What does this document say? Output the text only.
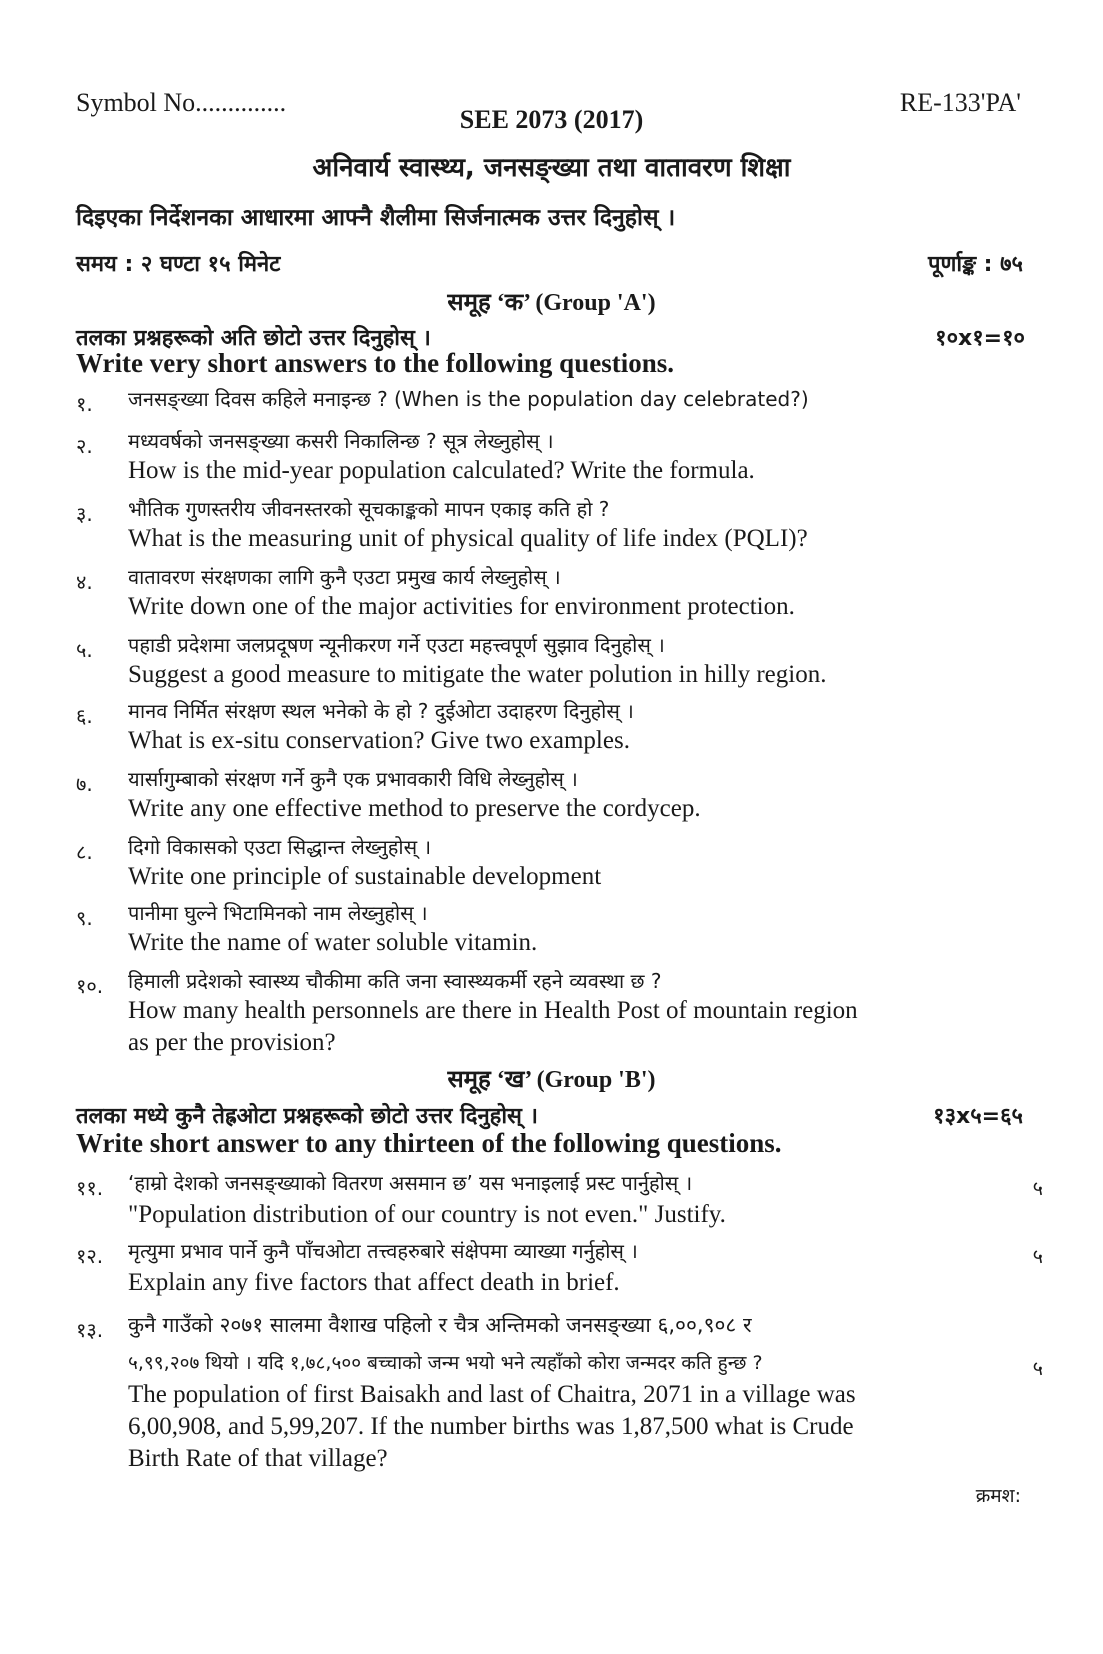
Symbol No..............
SEE 2073 (2017)
RE-133'PA'
अनिवार्य स्वास्थ्य, जनसङ्ख्या तथा वातावरण शिक्षा
दिइएका निर्देशनका आधारमा आफ्नै शैलीमा सिर्जनात्मक उत्तर दिनुहोस् ।
समय : २ घण्टा १५ मिनेट	पूर्णाङ्क : ७५
समूह ‘क’ (Group 'A')
तलका प्रश्नहरूको अति छोटो उत्तर दिनुहोस् ।	१०x१=१०
Write very short answers to the following questions.
१. जनसङ्ख्या दिवस कहिले मनाइन्छ ? (When is the population day celebrated?)
२. मध्यवर्षको जनसङ्ख्या कसरी निकालिन्छ ? सूत्र लेख्नुहोस् ।
How is the mid-year population calculated? Write the formula.
३. भौतिक गुणस्तरीय जीवनस्तरको सूचकाङ्कको मापन एकाइ कति हो ?
What is the measuring unit of physical quality of life index (PQLI)?
४. वातावरण संरक्षणका लागि कुनै एउटा प्रमुख कार्य लेख्नुहोस् ।
Write down one of the major activities for environment protection.
५. पहाडी प्रदेशमा जलप्रदूषण न्यूनीकरण गर्ने एउटा महत्त्वपूर्ण सुझाव दिनुहोस् ।
Suggest a good measure to mitigate the water polution in hilly region.
६. मानव निर्मित संरक्षण स्थल भनेको के हो ? दुईओटा उदाहरण दिनुहोस् ।
What is ex-situ conservation? Give two examples.
७. यार्सागुम्बाको संरक्षण गर्ने कुनै एक प्रभावकारी विधि लेख्नुहोस् ।
Write any one effective method to preserve the cordycep.
८. दिगो विकासको एउटा सिद्धान्त लेख्नुहोस् ।
Write one principle of sustainable development
९. पानीमा घुल्ने भिटामिनको नाम लेख्नुहोस् ।
Write the name of water soluble vitamin.
१०. हिमाली प्रदेशको स्वास्थ्य चौकीमा कति जना स्वास्थ्यकर्मी रहने व्यवस्था छ ?
How many health personnels are there in Health Post of mountain region
as per the provision?
समूह ‘ख’ (Group 'B')
तलका मध्ये कुनै तेह्रओटा प्रश्नहरूको छोटो उत्तर दिनुहोस् ।	१३x५=६५
Write short answer to any thirteen of the following questions.
११. ‘हाम्रो देशको जनसङ्ख्याको वितरण असमान छ’ यस भनाइलाई प्रस्ट पार्नुहोस् ।	५
"Population distribution of our country is not even." Justify.
१२. मृत्युमा प्रभाव पार्ने कुनै पाँचओटा तत्त्वहरुबारे संक्षेपमा व्याख्या गर्नुहोस् ।	५
Explain any five factors that affect death in brief.
१३. कुनै गाउँको २०७१ सालमा वैशाख पहिलो र चैत्र अन्तिमको जनसङ्ख्या ६,००,९०८ र
५,९९,२०७ थियो । यदि १,७८,५०० बच्चाको जन्म भयो भने त्यहाँको कोरा जन्मदर कति हुन्छ ?	५
The population of first Baisakh and last of Chaitra, 2071 in a village was
6,00,908, and 5,99,207. If the number births was 1,87,500 what is Crude
Birth Rate of that village?
क्रमश:
